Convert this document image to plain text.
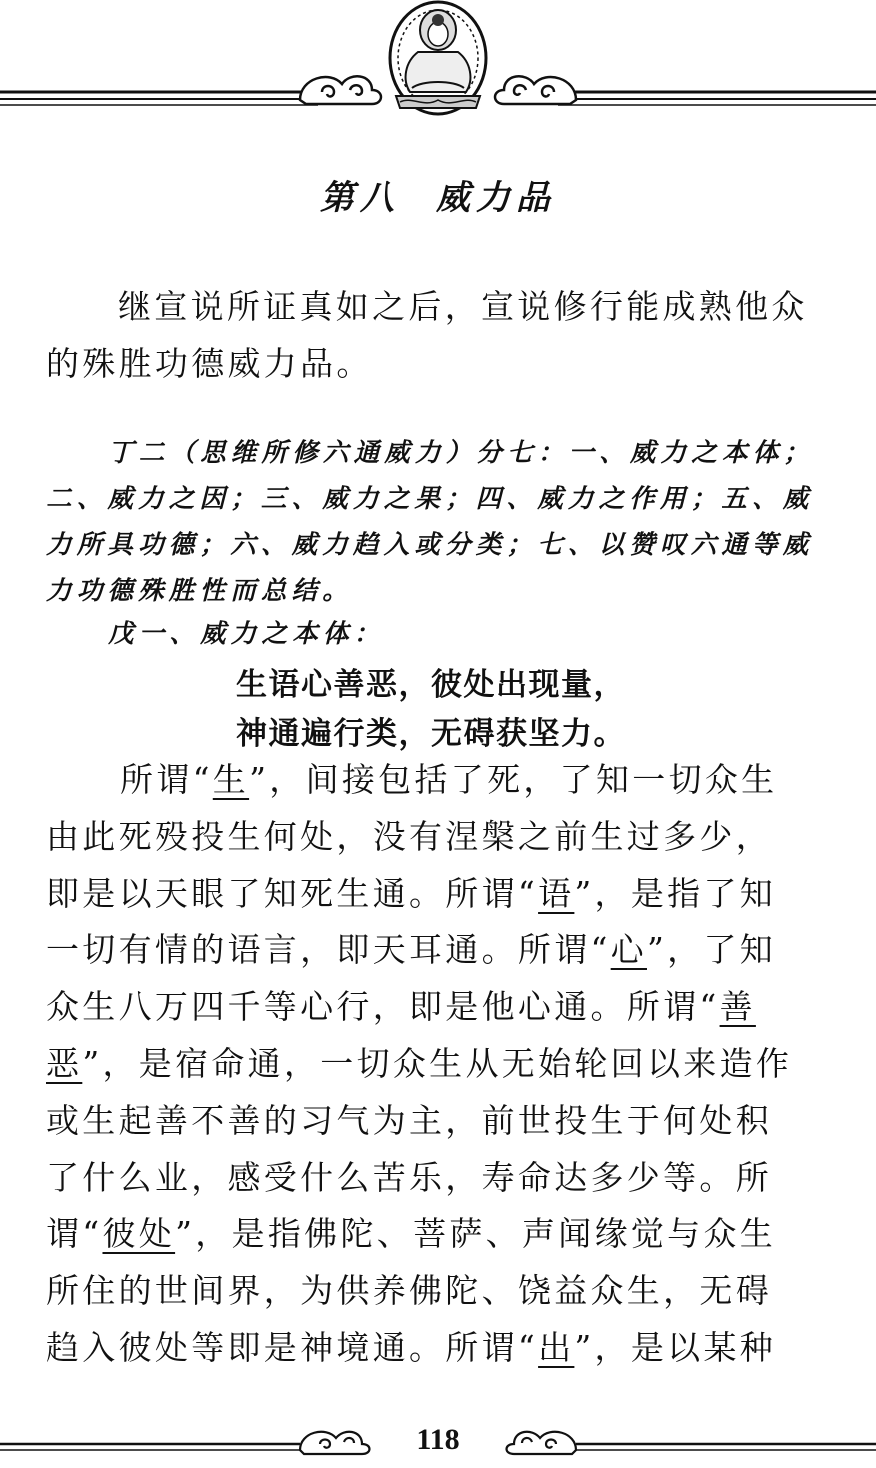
第八 威力品

继宣说所证真如之后，宣说修行能成熟他众的殊胜功德威力品。

丁二（思维所修六通威力）分七：一、威力之本体；二、威力之因；三、威力之果；四、威力之作用；五、威力所具功德；六、威力趋入或分类；七、以赞叹六通等威力功德殊胜性而总结。

戊一、威力之本体：

生语心善恶，彼处出现量，
神通遍行类，无碍获坚力。
所谓“生”，间接包括了死，了知一切众生
由此死殁投生何处，没有涅槃之前生过多少，
即是以天眼了知死生通。所谓“语”，是指了知
一切有情的语言，即天耳通。所谓“心”，了知
众生八万四千等心行，即是他心通。所谓“善
恶”，是宿命通，一切众生从无始轮回以来造作
或生起善不善的习气为主，前世投生于何处积
了什么业，感受什么苦乐，寿命达多少等。所
谓“彼处”，是指佛陀、菩萨、声闻缘觉与众生
所住的世间界，为供养佛陀、饶益众生，无碍
趋入彼处等即是神境通。所谓“出”，是以某种
118
